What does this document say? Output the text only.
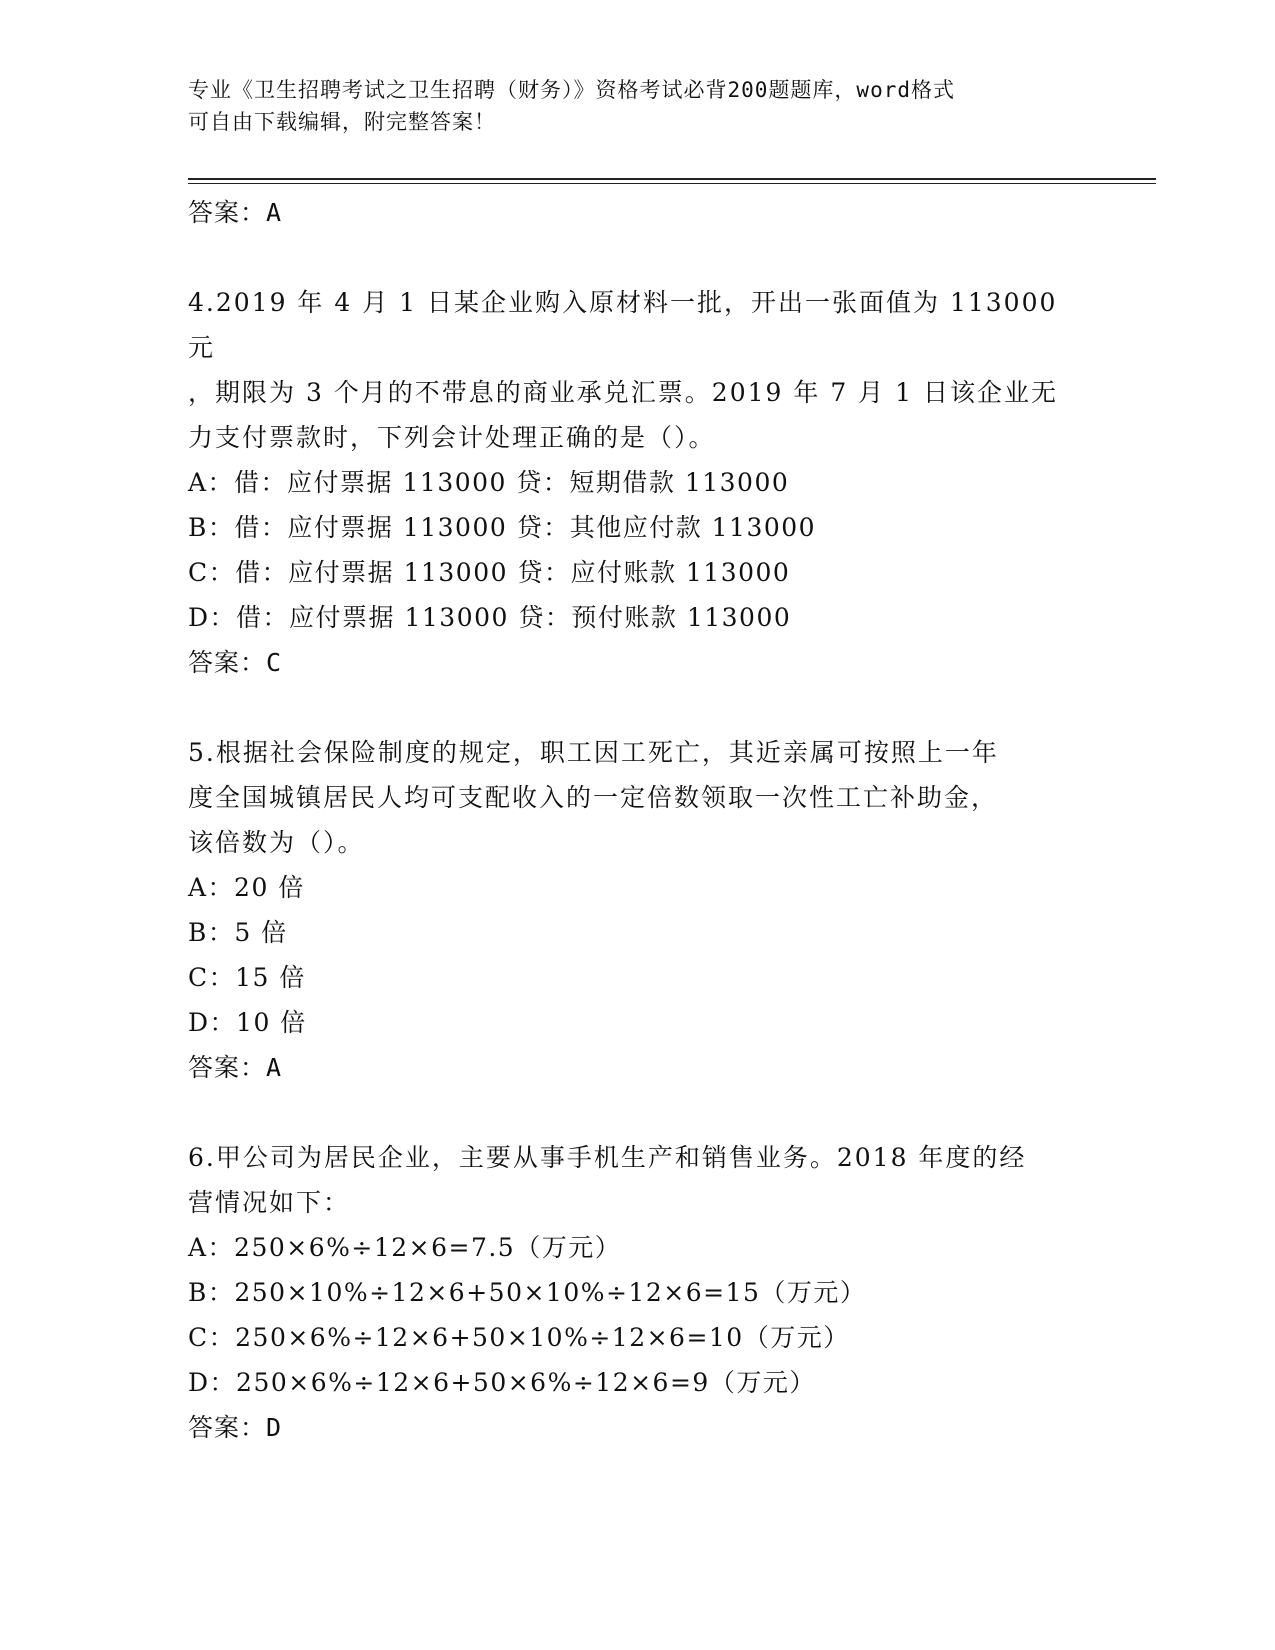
专业《卫生招聘考试之卫生招聘（财务）》资格考试必背200题题库，word格式
可自由下载编辑，附完整答案！
答案：A
4.2019 年 4 月 1 日某企业购入原材料一批，开出一张面值为 113000 元
，期限为 3 个月的不带息的商业承兑汇票。2019 年 7 月 1 日该企业无
力支付票款时，下列会计处理正确的是（）。
A：借：应付票据 113000 贷：短期借款 113000
B：借：应付票据 113000 贷：其他应付款 113000
C：借：应付票据 113000 贷：应付账款 113000
D：借：应付票据 113000 贷：预付账款 113000
答案：C
5.根据社会保险制度的规定，职工因工死亡，其近亲属可按照上一年
度全国城镇居民人均可支配收入的一定倍数领取一次性工亡补助金，
该倍数为（）。
A：20 倍
B：5 倍
C：15 倍
D：10 倍
答案：A
6.甲公司为居民企业，主要从事手机生产和销售业务。2018 年度的经
营情况如下：
A：250×6%÷12×6=7.5（万元）
B：250×10%÷12×6+50×10%÷12×6=15（万元）
C：250×6%÷12×6+50×10%÷12×6=10（万元）
D：250×6%÷12×6+50×6%÷12×6=9（万元）
答案：D
